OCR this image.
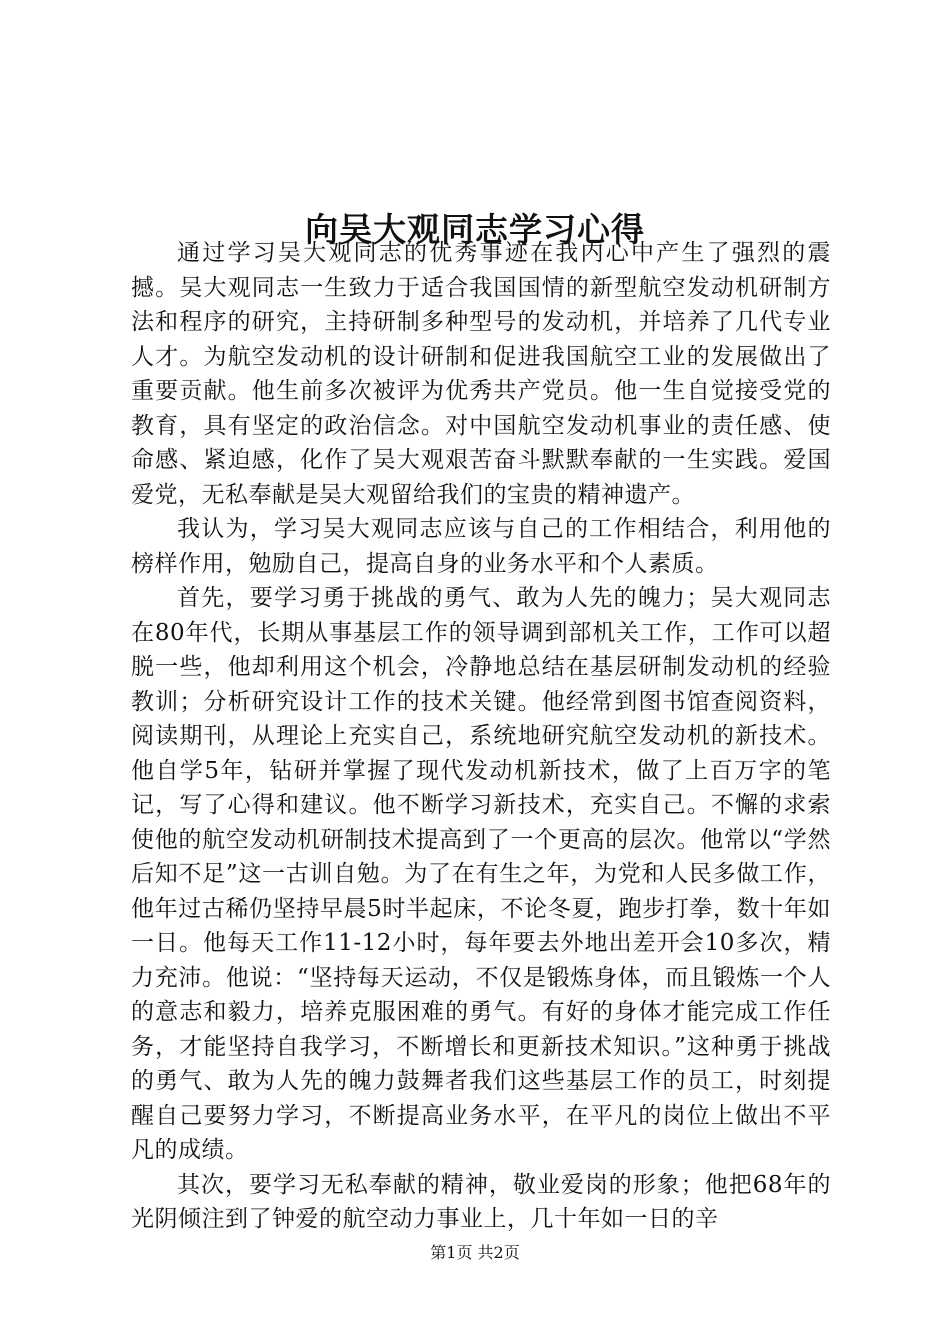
向吴大观同志学习心得

通过学习吴大观同志的优秀事迹在我内心中产生了强烈的震撼。吴大观同志一生致力于适合我国国情的新型航空发动机研制方法和程序的研究，主持研制多种型号的发动机，并培养了几代专业人才。为航空发动机的设计研制和促进我国航空工业的发展做出了重要贡献。他生前多次被评为优秀共产党员。他一生自觉接受党的教育，具有坚定的政治信念。对中国航空发动机事业的责任感、使命感、紧迫感，化作了吴大观艰苦奋斗默默奉献的一生实践。爱国爱党，无私奉献是吴大观留给我们的宝贵的精神遗产。

我认为，学习吴大观同志应该与自己的工作相结合，利用他的榜样作用，勉励自己，提高自身的业务水平和个人素质。

首先，要学习勇于挑战的勇气、敢为人先的魄力；吴大观同志在80年代，长期从事基层工作的领导调到部机关工作，工作可以超脱一些，他却利用这个机会，冷静地总结在基层研制发动机的经验教训；分析研究设计工作的技术关键。他经常到图书馆查阅资料，阅读期刊，从理论上充实自己，系统地研究航空发动机的新技术。他自学5年，钻研并掌握了现代发动机新技术，做了上百万字的笔记，写了心得和建议。他不断学习新技术，充实自己。不懈的求索使他的航空发动机研制技术提高到了一个更高的层次。他常以“学然后知不足”这一古训自勉。为了在有生之年，为党和人民多做工作，他年过古稀仍坚持早晨5时半起床，不论冬夏，跑步打拳，数十年如一日。他每天工作11-12小时，每年要去外地出差开会10多次，精力充沛。他说：“坚持每天运动，不仅是锻炼身体，而且锻炼一个人的意志和毅力，培养克服困难的勇气。有好的身体才能完成工作任务，才能坚持自我学习，不断增长和更新技术知识。”这种勇于挑战的勇气、敢为人先的魄力鼓舞者我们这些基层工作的员工，时刻提醒自己要努力学习，不断提高业务水平，在平凡的岗位上做出不平凡的成绩。

其次，要学习无私奉献的精神，敬业爱岗的形象；他把68年的光阴倾注到了钟爱的航空动力事业上，几十年如一日的辛

第1页 共2页
